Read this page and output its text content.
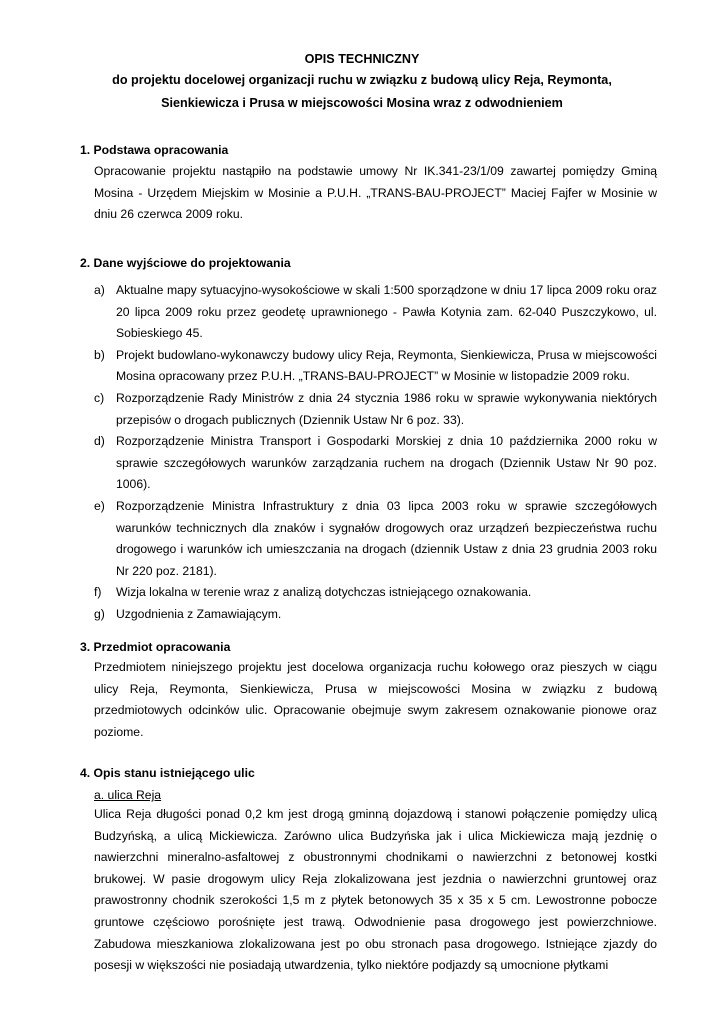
OPIS TECHNICZNY
do projektu docelowej organizacji ruchu w związku z budową ulicy Reja, Reymonta,
Sienkiewicza i Prusa w miejscowości Mosina wraz z odwodnieniem
1. Podstawa opracowania
Opracowanie projektu nastąpiło na podstawie umowy Nr IK.341-23/1/09 zawartej pomiędzy Gminą Mosina - Urzędem Miejskim w Mosinie a P.U.H. „TRANS-BAU-PROJECT” Maciej Fajfer w Mosinie w dniu 26 czerwca 2009 roku.
2. Dane wyjściowe do projektowania
a) Aktualne mapy sytuacyjno-wysokościowe w skali 1:500 sporządzone w dniu 17 lipca 2009 roku oraz 20 lipca 2009 roku przez geodetę uprawnionego - Pawła Kotynia zam. 62-040 Puszczykowo, ul. Sobieskiego 45.
b) Projekt budowlano-wykonawczy budowy ulicy Reja, Reymonta, Sienkiewicza, Prusa w miejscowości Mosina opracowany przez P.U.H. „TRANS-BAU-PROJECT” w Mosinie w listopadzie 2009 roku.
c) Rozporządzenie Rady Ministrów z dnia 24 stycznia 1986 roku w sprawie wykonywania niektórych przepisów o drogach publicznych (Dziennik Ustaw Nr 6 poz. 33).
d) Rozporządzenie Ministra Transport i Gospodarki Morskiej z dnia 10 października 2000 roku w sprawie szczegółowych warunków zarządzania ruchem na drogach (Dziennik Ustaw Nr 90 poz. 1006).
e) Rozporządzenie Ministra Infrastruktury z dnia 03 lipca 2003 roku w sprawie szczegółowych warunków technicznych dla znaków i sygnałów drogowych oraz urządzeń bezpieczeństwa ruchu drogowego i warunków ich umieszczania na drogach (dziennik Ustaw z dnia 23 grudnia 2003 roku Nr 220 poz. 2181).
f) Wizja lokalna w terenie wraz z analizą dotychczas istniejącego oznakowania.
g) Uzgodnienia z Zamawiającym.
3. Przedmiot opracowania
Przedmiotem niniejszego projektu jest docelowa organizacja ruchu kołowego oraz pieszych w ciągu ulicy Reja, Reymonta, Sienkiewicza, Prusa w miejscowości Mosina w związku z budową przedmiotowych odcinków ulic. Opracowanie obejmuje swym zakresem oznakowanie pionowe oraz poziome.
4. Opis stanu istniejącego ulic
a. ulica Reja
Ulica Reja długości ponad 0,2 km jest drogą gminną dojazdową i stanowi połączenie pomiędzy ulicą Budzyńską, a ulicą Mickiewicza. Zarówno ulica Budzyńska jak i ulica Mickiewicza mają jezdnię o nawierzchni mineralno-asfaltowej z obustronnymi chodnikami o nawierzchni z betonowej kostki brukowej. W pasie drogowym ulicy Reja zlokalizowana jest jezdnia o nawierzchni gruntowej oraz prawostronny chodnik szerokości 1,5 m z płytek betonowych 35 x 35 x 5 cm. Lewostronne pobocze gruntowe częściowo porośnięte jest trawą. Odwodnienie pasa drogowego jest powierzchniowe. Zabudowa mieszkaniowa zlokalizowana jest po obu stronach pasa drogowego. Istniejące zjazdy do posesji w większości nie posiadają utwardzenia, tylko niektóre podjazdy są umocnione płytkami
